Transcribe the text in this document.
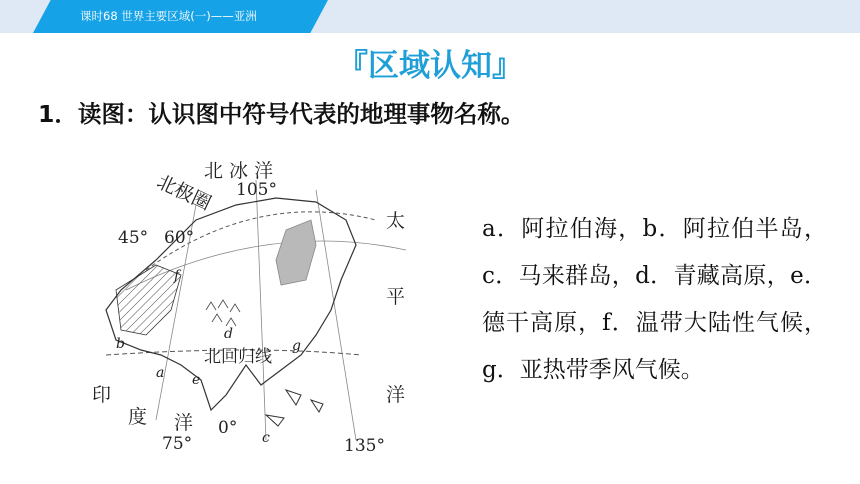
课时68 世界主要区域(一)——亚洲
『区域认知』
1．读图：认识图中符号代表的地理事物名称。
北 冰 洋
北极圈 105°
45° 60°
北回归线
太
平
洋
印
度 洋
75°
0°
135°
a
b
c
d
e
f
g
a．阿拉伯海，b．阿拉伯半岛，c．马来群岛，d．青藏高原，e．德干高原，f．温带大陆性气候，g．亚热带季风气候。
